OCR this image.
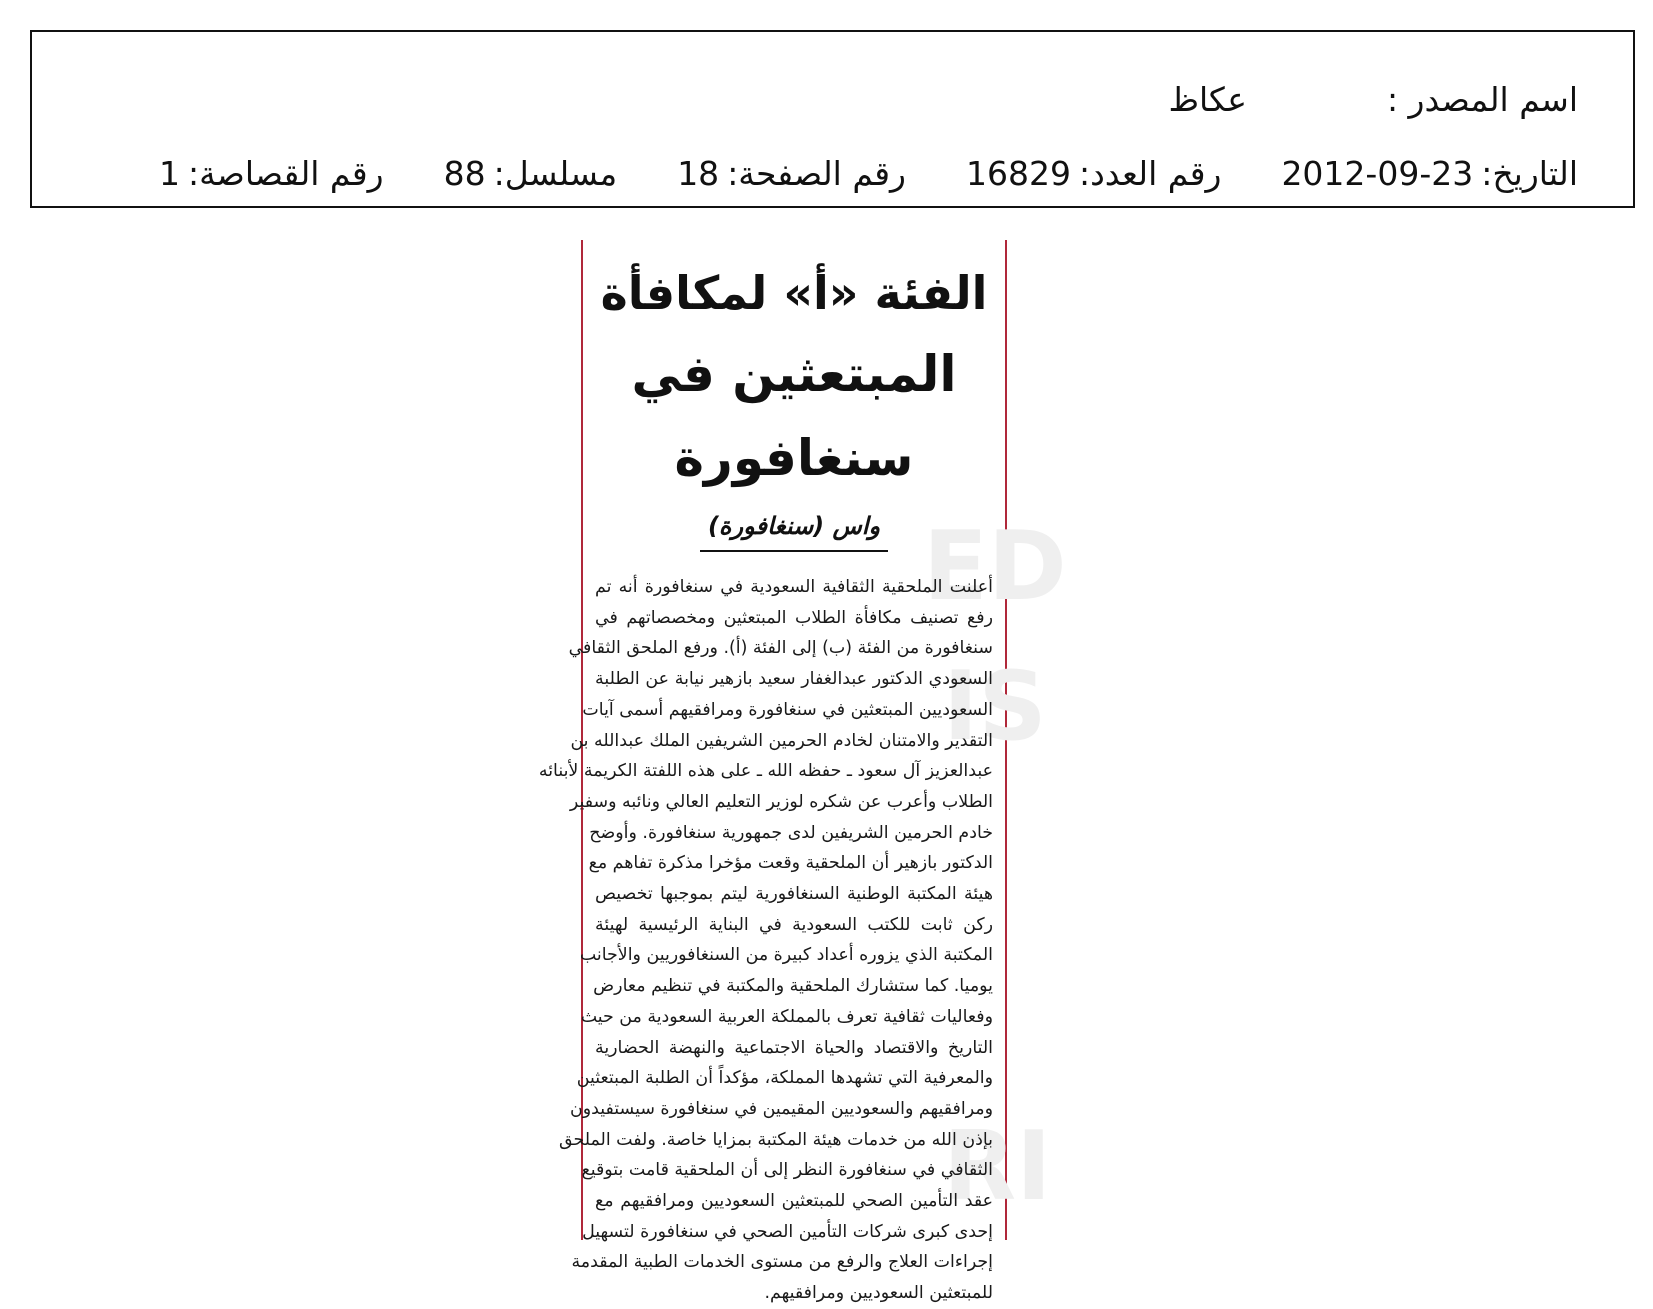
اسم المصدر :
عكاظ
التاريخ:
2012-09-23
رقم العدد:
16829
رقم الصفحة:
18
مسلسل:
88
رقم القصاصة:
1
ED
IS
RI
الفئة «أ» لمكافأة
المبتعثين في سنغافورة
واس (سنغافورة)
أعلنت الملحقية الثقافية السعودية في سنغافورة أنه تم
رفع تصنيف مكافأة الطلاب المبتعثين ومخصصاتهم في
سنغافورة من الفئة (ب) إلى الفئة (أ). ورفع الملحق الثقافي
السعودي الدكتور عبدالغفار سعيد بازهير نيابة عن الطلبة
السعوديين المبتعثين في سنغافورة ومرافقيهم أسمى آيات
التقدير والامتنان لخادم الحرمين الشريفين الملك عبدالله بن
عبدالعزيز آل سعود ـ حفظه الله ـ على هذه اللفتة الكريمة لأبنائه
الطلاب وأعرب عن شكره لوزير التعليم العالي ونائبه وسفير
خادم الحرمين الشريفين لدى جمهورية سنغافورة. وأوضح
الدكتور بازهير أن الملحقية وقعت مؤخرا مذكرة تفاهم مع
هيئة المكتبة الوطنية السنغافورية ليتم بموجبها تخصيص
ركن ثابت للكتب السعودية في البناية الرئيسية لهيئة
المكتبة الذي يزوره أعداد كبيرة من السنغافوريين والأجانب
يوميا. كما ستشارك الملحقية والمكتبة في تنظيم معارض
وفعاليات ثقافية تعرف بالمملكة العربية السعودية من حيث
التاريخ والاقتصاد والحياة الاجتماعية والنهضة الحضارية
والمعرفية التي تشهدها المملكة، مؤكداً أن الطلبة المبتعثين
ومرافقيهم والسعوديين المقيمين في سنغافورة سيستفيدون
بإذن الله من خدمات هيئة المكتبة بمزايا خاصة. ولفت الملحق
الثقافي في سنغافورة النظر إلى أن الملحقية قامت بتوقيع
عقد التأمين الصحي للمبتعثين السعوديين ومرافقيهم مع
إحدى كبرى شركات التأمين الصحي في سنغافورة لتسهيل
إجراءات العلاج والرفع من مستوى الخدمات الطبية المقدمة
للمبتعثين السعوديين ومرافقيهم.
